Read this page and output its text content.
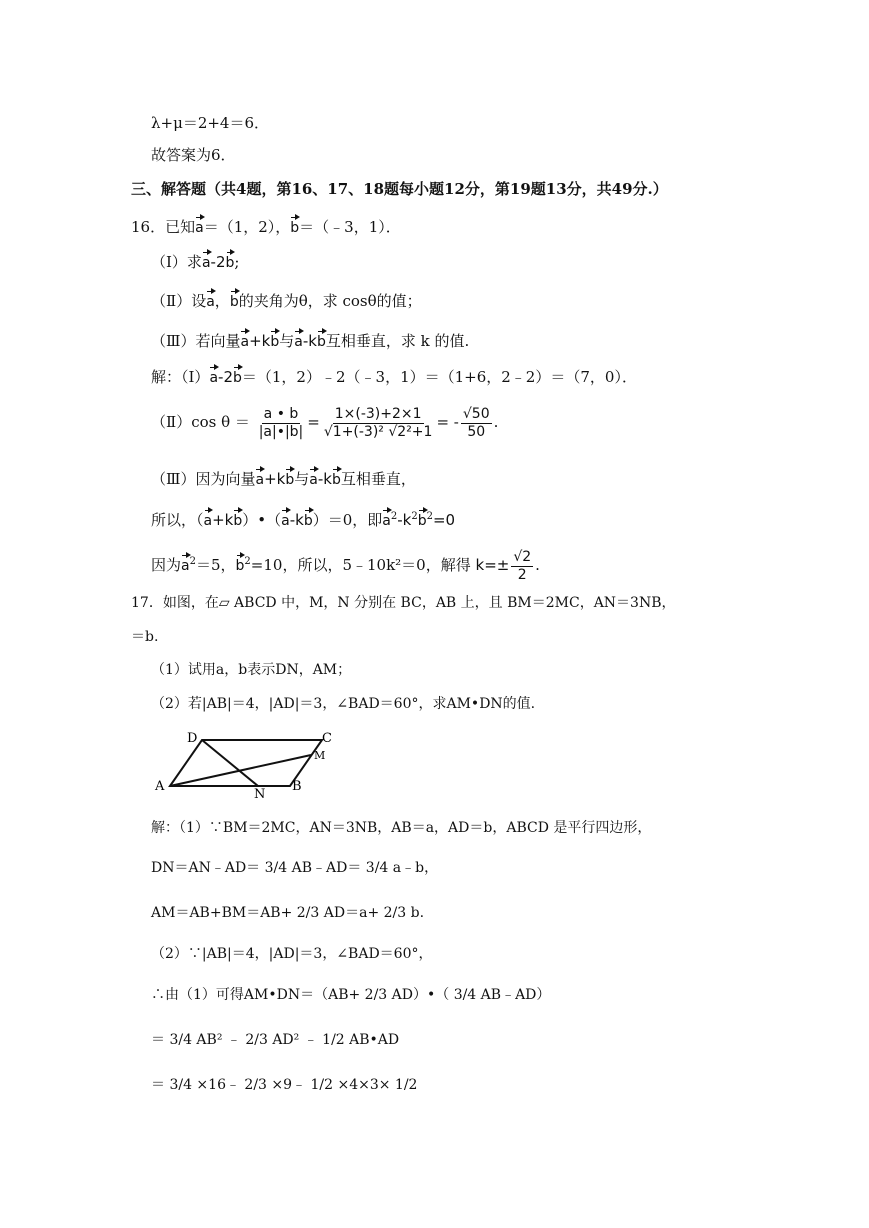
λ+μ＝2+4＝6．
故答案为6．
三、解答题（共4题，第16、17、18题每小题12分，第19题13分，共49分.）
16．已知a＝（1，2），b＝（﹣3，1）．
（Ⅰ）求a-2b;
（Ⅱ）设a，b的夹角为θ，求 cosθ的值；
（Ⅲ）若向量a+kb与a-kb互相垂直，求 k 的值.
解：（Ⅰ）a-2b＝（1，2）﹣2（﹣3，1）＝（1+6，2﹣2）＝（7，0）．
（Ⅱ）cos $\theta = \frac{a • b}{|a|•|b|} = \frac{1\times(-3)+2\times 1}{\text{√1+(-3)² √2²+1}}$ = - $\frac{√50}{50}$ .
（Ⅲ）因为向量a+kb与a-kb互相垂直，
所以，（a+kb）•（a-kb）＝0，即$a^2-k^2b^2=0$
因为$a^2=5$，$b^2=10$，所以，5﹣10k²＝0，解得 $k=\pm \frac{√2}{2}$ .
17．如图，在▱ ABCD 中，M，N 分别在 BC，AB 上，且 BM＝2MC，AN＝3NB，
＝b.
（1）试用a，b表示DN，AM；
（2）若|AB|＝4，|AD|＝3，∠BAD＝60°，求AM•DN的值.
D	C
M
A
N
B
解：（1）∵BM＝2MC，AN＝3NB，AB＝a，AD＝b，ABCD 是平行四边形，
DN＝AN﹣AD＝ 3/4 AB﹣AD＝ 3/4 a﹣b，
AM＝AB+BM＝AB+ 2/3 AD＝a+ 2/3 b.
（2）∵|AB|＝4，|AD|＝3，∠BAD＝60°，
∴由（1）可得AM•DN＝（AB+ 2/3 AD）•（ 3/4 AB﹣AD）
＝ 3/4 AB² ﹣ 2/3 AD² ﹣ 1/2 AB•AD
＝ 3/4 ×16﹣ 2/3 ×9﹣ 1/2 ×4×3× 1/2
